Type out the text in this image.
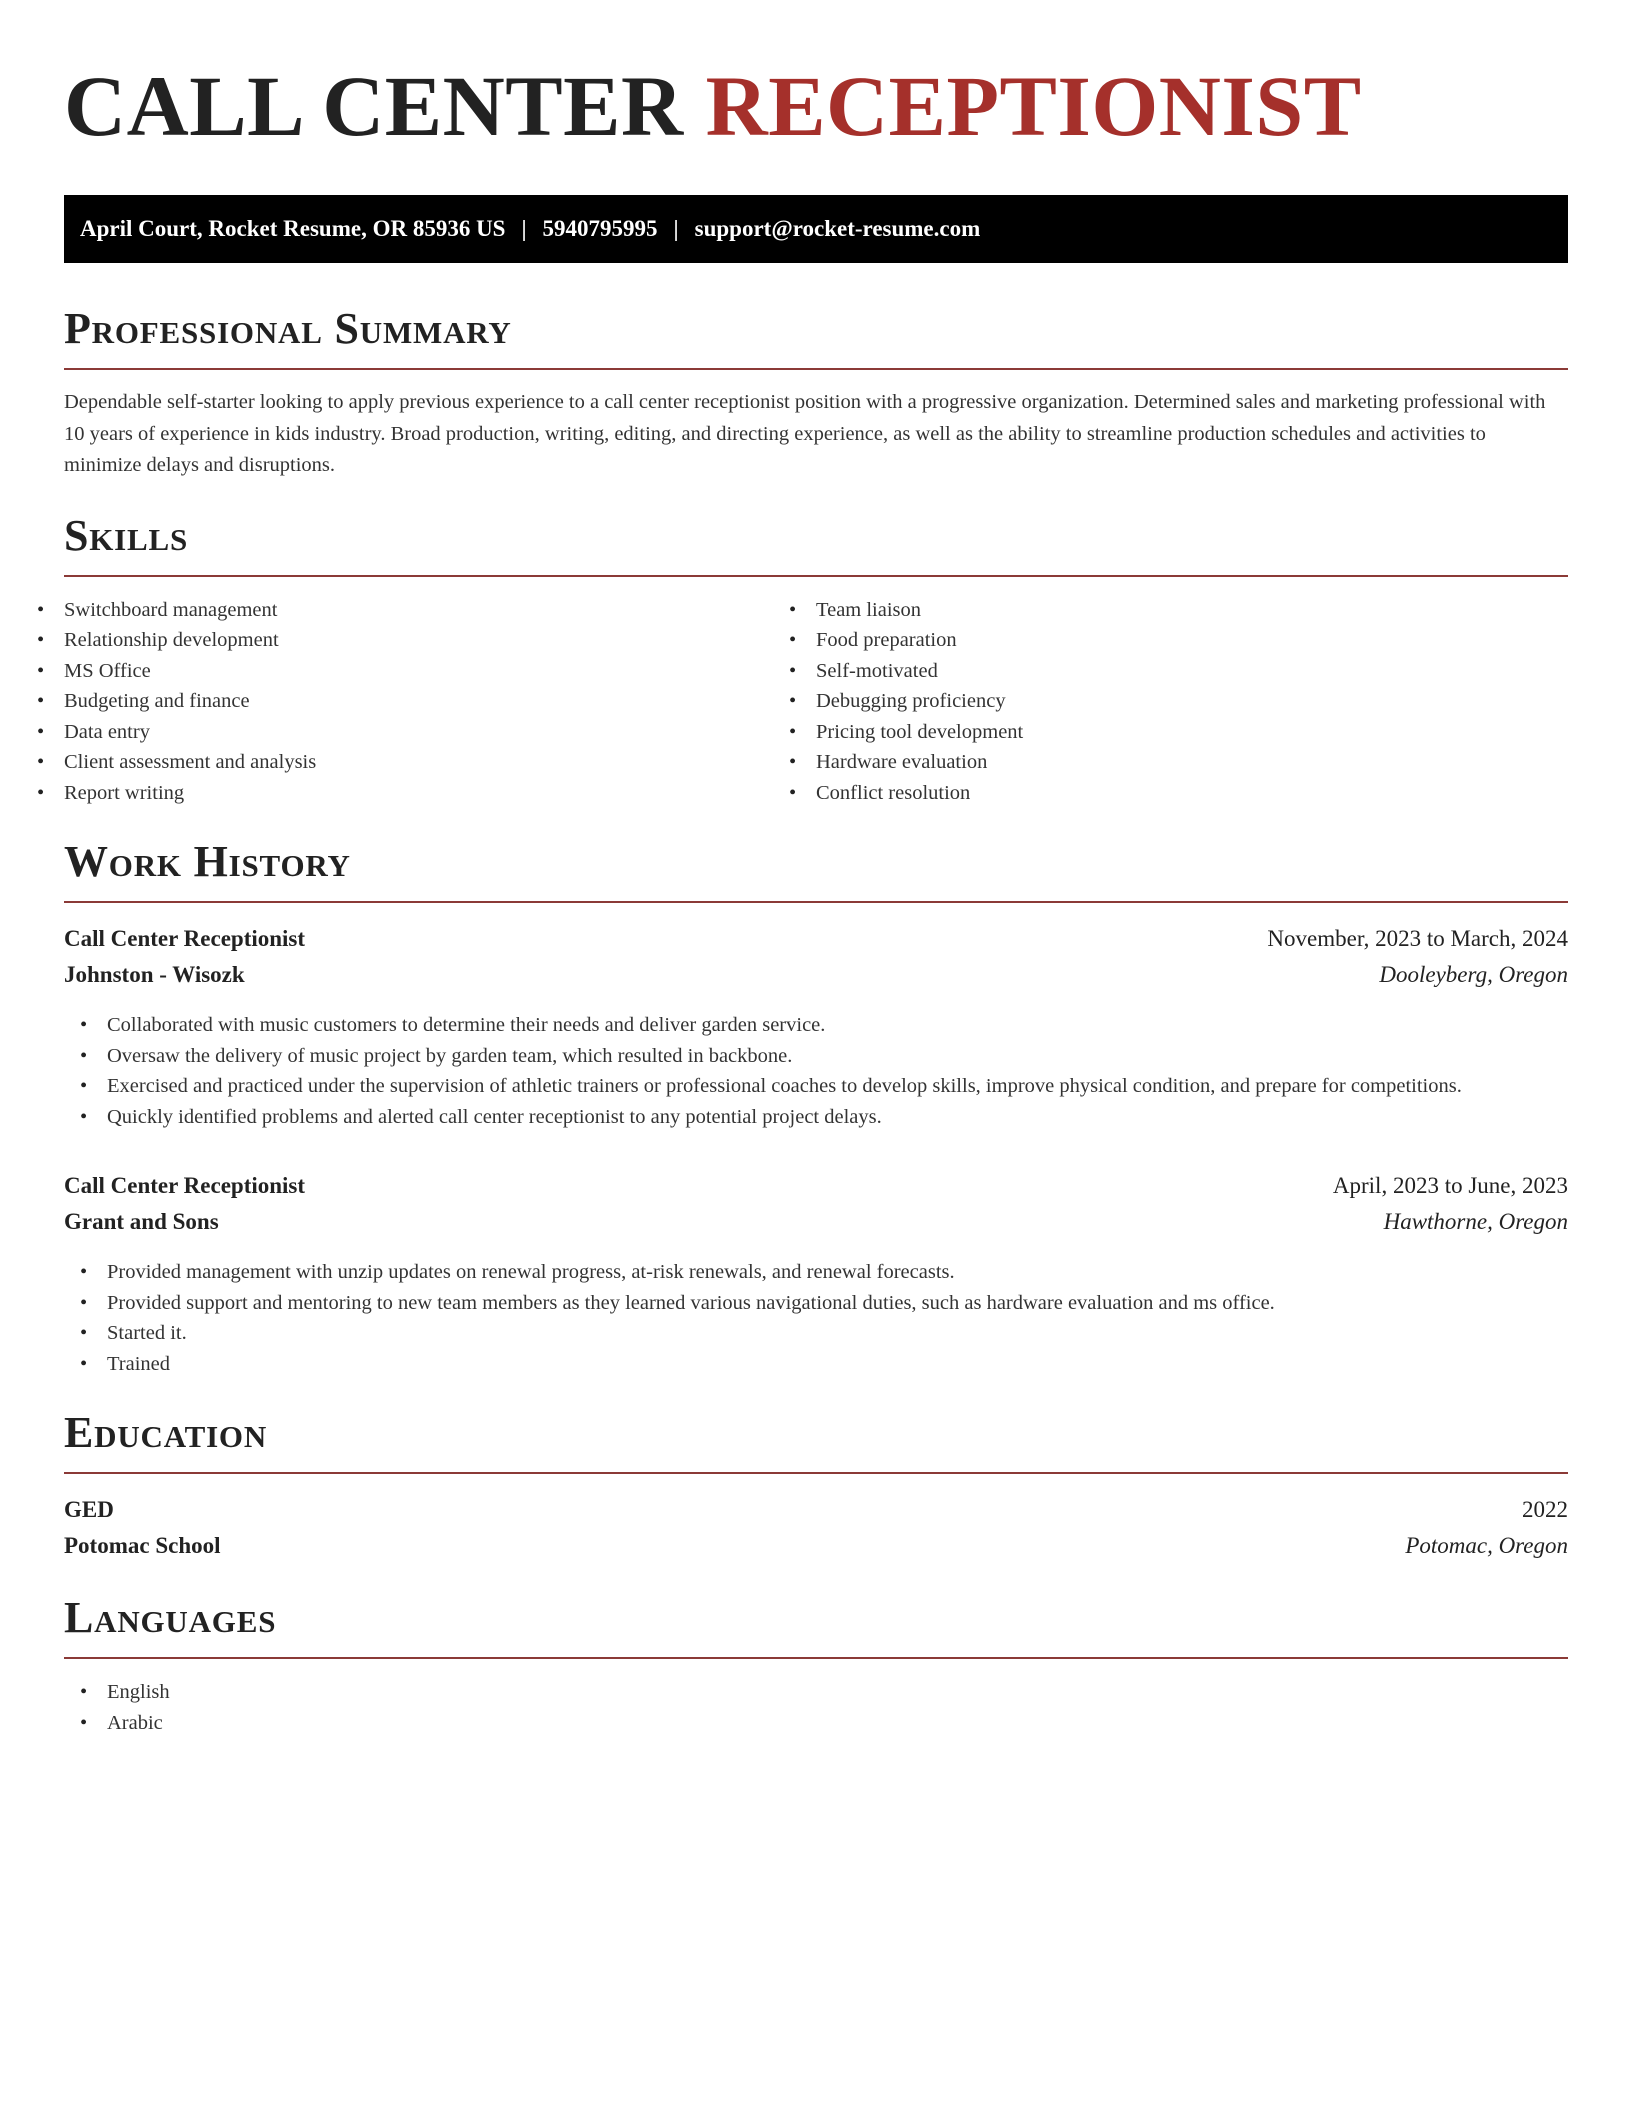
CALL CENTER RECEPTIONIST
April Court, Rocket Resume, OR 85936 US | 5940795995 | support@rocket-resume.com
Professional Summary

Dependable self-starter looking to apply previous experience to a call center receptionist position with a progressive organization. Determined sales and marketing professional with 10 years of experience in kids industry. Broad production, writing, editing, and directing experience, as well as the ability to streamline production schedules and activities to minimize delays and disruptions.

Skills
• Switchboard management
• Relationship development
• MS Office
• Budgeting and finance
• Data entry
• Client assessment and analysis
• Report writing
• Team liaison
• Food preparation
• Self-motivated
• Debugging proficiency
• Pricing tool development
• Hardware evaluation
• Conflict resolution
Work History
Call Center Receptionist	November, 2023 to March, 2024
Johnston - Wisozk	Dooleyberg, Oregon
• Collaborated with music customers to determine their needs and deliver garden service.
• Oversaw the delivery of music project by garden team, which resulted in backbone.
• Exercised and practiced under the supervision of athletic trainers or professional coaches to develop skills, improve physical condition, and prepare for competitions.
• Quickly identified problems and alerted call center receptionist to any potential project delays.
Call Center Receptionist	April, 2023 to June, 2023
Grant and Sons	Hawthorne, Oregon
• Provided management with unzip updates on renewal progress, at-risk renewals, and renewal forecasts.
• Provided support and mentoring to new team members as they learned various navigational duties, such as hardware evaluation and ms office.
• Started it.
• Trained
Education
GED	2022
Potomac School	Potomac, Oregon
Languages
• English
• Arabic
